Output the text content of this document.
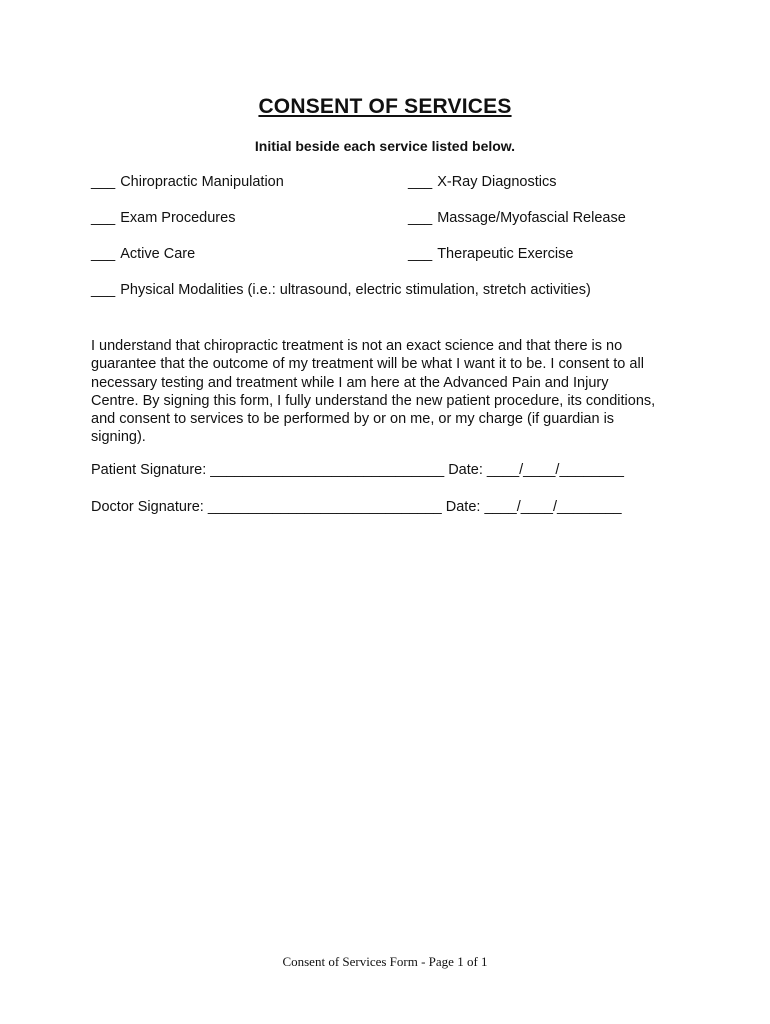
CONSENT OF SERVICES
Initial beside each service listed below.
___ Chiropractic Manipulation	___ X-Ray Diagnostics
___ Exam Procedures	___ Massage/Myofascial Release
___ Active Care	___ Therapeutic Exercise
___ Physical Modalities (i.e.: ultrasound, electric stimulation, stretch activities)
I understand that chiropractic treatment is not an exact science and that there is no
guarantee that the outcome of my treatment will be what I want it to be. I consent to all
necessary testing and treatment while I am here at the Advanced Pain and Injury
Centre. By signing this form, I fully understand the new patient procedure, its conditions,
and consent to services to be performed by or on me, or my charge (if guardian is
signing).
Patient Signature: _____________________________ Date: ____/____/________
Doctor Signature: _____________________________ Date: ____/____/________
Consent of Services Form - Page 1 of 1
